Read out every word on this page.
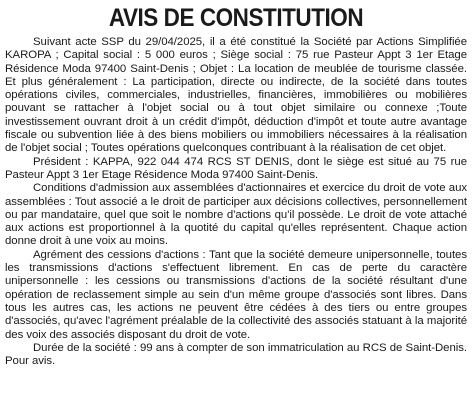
AVIS DE CONSTITUTION

Suivant acte SSP du 29/04/2025, il a été constitué la Société par Actions Simplifiée KAROPA ; Capital social : 5 000 euros ; Siège social : 75 rue Pasteur Appt 3 1er Etage Résidence Moda 97400 Saint-Denis ; Objet : La location de meublée de tourisme classée. Et plus généralement : La participation, directe ou indirecte, de la société dans toutes opérations civiles, commerciales, industrielles, financières, immobilières ou mobilières pouvant se rattacher à l'objet social ou à tout objet similaire ou connexe ;Toute investissement ouvrant droit à un crédit d'impôt, déduction d'impôt et toute autre avantage fiscale ou subvention liée à des biens mobiliers ou immobiliers nécessaires à la réalisation de l'objet social ; Toutes opérations quelconques contribuant à la réalisation de cet objet.

Président : KAPPA, 922 044 474 RCS ST DENIS, dont le siège est situé au 75 rue Pasteur Appt 3 1er Etage Résidence Moda 97400 Saint-Denis.

Conditions d'admission aux assemblées d'actionnaires et exercice du droit de vote aux assemblées : Tout associé a le droit de participer aux décisions collectives, personnellement ou par mandataire, quel que soit le nombre d'actions qu'il possède. Le droit de vote attaché aux actions est proportionnel à la quotité du capital qu'elles représentent. Chaque action donne droit à une voix au moins.

Agrément des cessions d'actions : Tant que la société demeure unipersonnelle, toutes les transmissions d'actions s'effectuent librement. En cas de perte du caractère unipersonnelle : les cessions ou transmissions d'actions de la société résultant d'une opération de reclassement simple au sein d'un même groupe d'associés sont libres. Dans tous les autres cas, les actions ne peuvent être cédées à des tiers ou entre groupes d'associés, qu'avec l'agrément préalable de la collectivité des associés statuant à la majorité des voix des associés disposant du droit de vote.

Durée de la société : 99 ans à compter de son immatriculation au RCS de Saint-Denis. Pour avis.
